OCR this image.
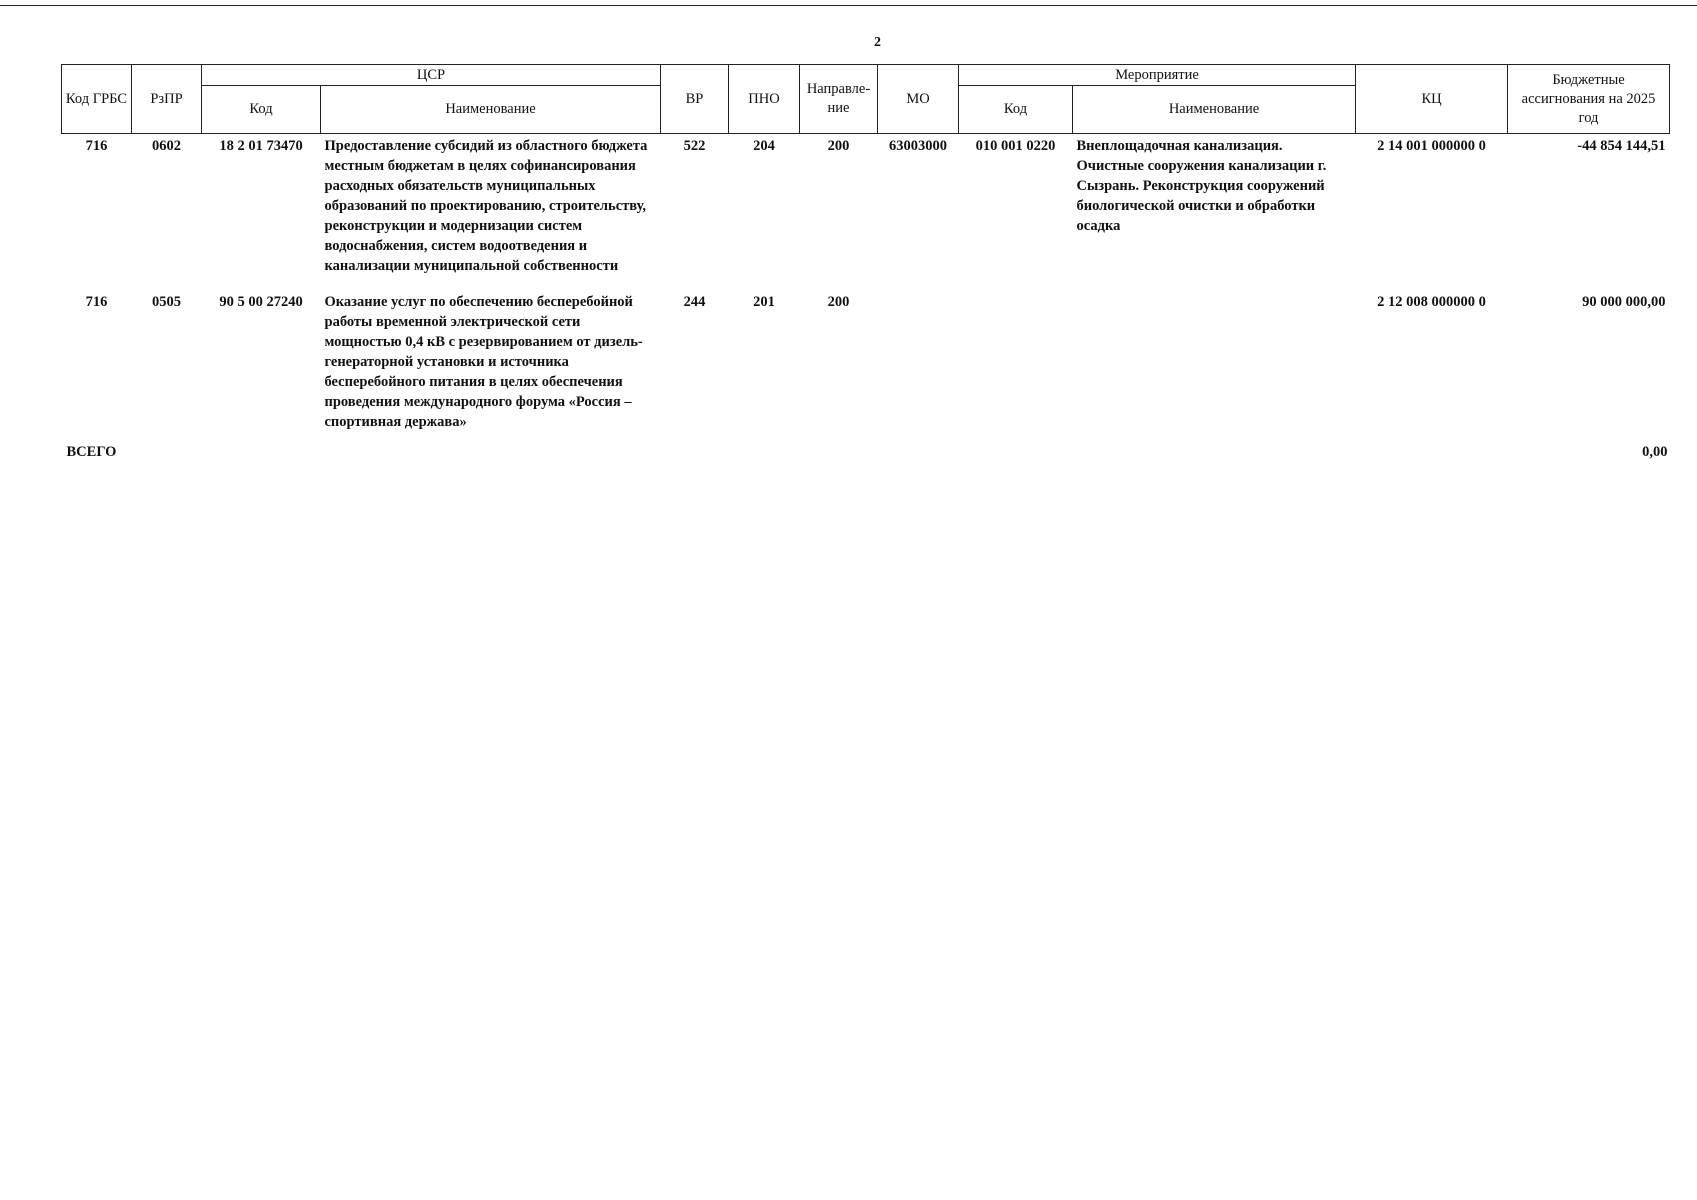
2
Код ГРБС	РзПР	ЦСР		ВР	ПНО	Направле-ние	МО	Мероприятие		КЦ	Бюджетные ассигнования на 2025 год
		Код	Наименование					Код	Наименование		
716	0602	18 2 01 73470	Предоставление субсидий из областного бюджета местным бюджетам в целях софинансирования расходных обязательств муниципальных образований по проектированию, строительству, реконструкции и модернизации систем водоснабжения, систем водоотведения и канализации муниципальной собственности	522	204	200	63003000	010 001 0220	Внеплощадочная канализация. Очистные сооружения канализации г. Сызрань. Реконструкция сооружений биологической очистки и обработки осадка	2 14 001 000000 0	-44 854 144,51
716	0505	90 5 00 27240	Оказание услуг по обеспечению бесперебойной работы временной электрической сети мощностью 0,4 кВ с резервированием от дизель-генераторной установки и источника бесперебойного питания в целях обеспечения проведения международного форума «Россия – спортивная держава»	244	201	200				2 12 008 000000 0	90 000 000,00
ВСЕГО											0,00
